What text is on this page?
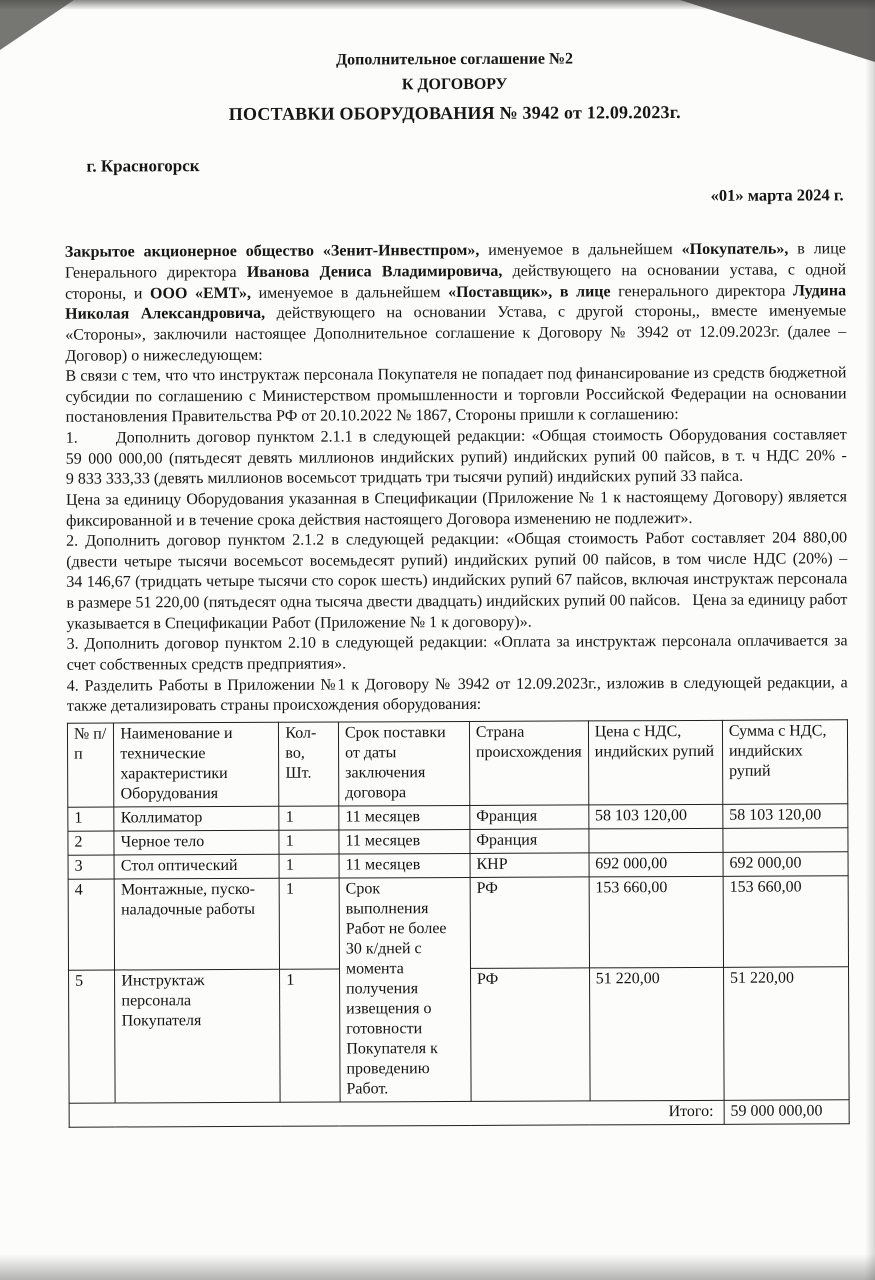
Дополнительное соглашение №2
К ДОГОВОРУ
ПОСТАВКИ ОБОРУДОВАНИЯ № 3942 от 12.09.2023г.
г. Красногорск
«01» марта 2024 г.

Закрытое акционерное общество «Зенит-Инвестпром», именуемое в дальнейшем «Покупатель», в лице Генерального директора Иванова Дениса Владимировича, действующего на основании устава, с одной стороны, и ООО «ЕМТ», именуемое в дальнейшем «Поставщик», в лице генерального директора Лудина Николая Александровича, действующего на основании Устава, с другой стороны,, вместе именуемые «Стороны», заключили настоящее Дополнительное соглашение к Договору № 3942 от 12.09.2023г. (далее – Договор) о нижеследующем:

В связи с тем, что что инструктаж персонала Покупателя не попадает под финансирование из средств бюджетной субсидии по соглашению с Министерством промышленности и торговли Российской Федерации на основании постановления Правительства РФ от 20.10.2022 № 1867, Стороны пришли к соглашению:

1.      Дополнить договор пунктом 2.1.1 в следующей редакции: «Общая стоимость Оборудования составляет 59 000 000,00 (пятьдесят девять миллионов индийских рупий) индийских рупий 00 пайсов, в т. ч НДС 20% - 9 833 333,33 (девять миллионов восемьсот тридцать три тысячи рупий) индийских рупий 33 пайса.

Цена за единицу Оборудования указанная в Спецификации (Приложение № 1 к настоящему Договору) является фиксированной и в течение срока действия настоящего Договора изменению не подлежит».

2. Дополнить договор пунктом 2.1.2 в следующей редакции: «Общая стоимость Работ составляет 204 880,00 (двести четыре тысячи восемьсот восемьдесят рупий) индийских рупий 00 пайсов, в том числе НДС (20%) – 34 146,67 (тридцать четыре тысячи сто сорок шесть) индийских рупий 67 пайсов, включая инструктаж персонала в размере 51 220,00 (пятьдесят одна тысяча двести двадцать) индийских рупий 00 пайсов.   Цена за единицу работ указывается в Спецификации Работ (Приложение № 1 к договору)».

3. Дополнить договор пунктом 2.10 в следующей редакции: «Оплата за инструктаж персонала оплачивается за счет собственных средств предприятия».

4. Разделить Работы в Приложении №1 к Договору № 3942 от 12.09.2023г., изложив в следующей редакции, а также детализировать страны происхождения оборудования:

№ п/п	Наименование и технические характеристики Оборудования	Кол-во, Шт.	Срок поставки от даты заключения договора	Страна происхождения	Цена с НДС, индийских рупий	Сумма с НДС, индийских рупий
1	Коллиматор	1	11 месяцев	Франция	58 103 120,00	58 103 120,00
2	Черное тело	1	11 месяцев	Франция		
3	Стол оптический	1	11 месяцев	КНР	692 000,00	692 000,00
4	Монтажные, пуско-наладочные работы	1	Срок выполнения Работ не более 30 к/дней с момента получения извещения о готовности Покупателя к проведению Работ.	РФ	153 660,00	153 660,00
5	Инструктаж персонала Покупателя	1		РФ	51 220,00	51 220,00
Итого:						59 000 000,00
